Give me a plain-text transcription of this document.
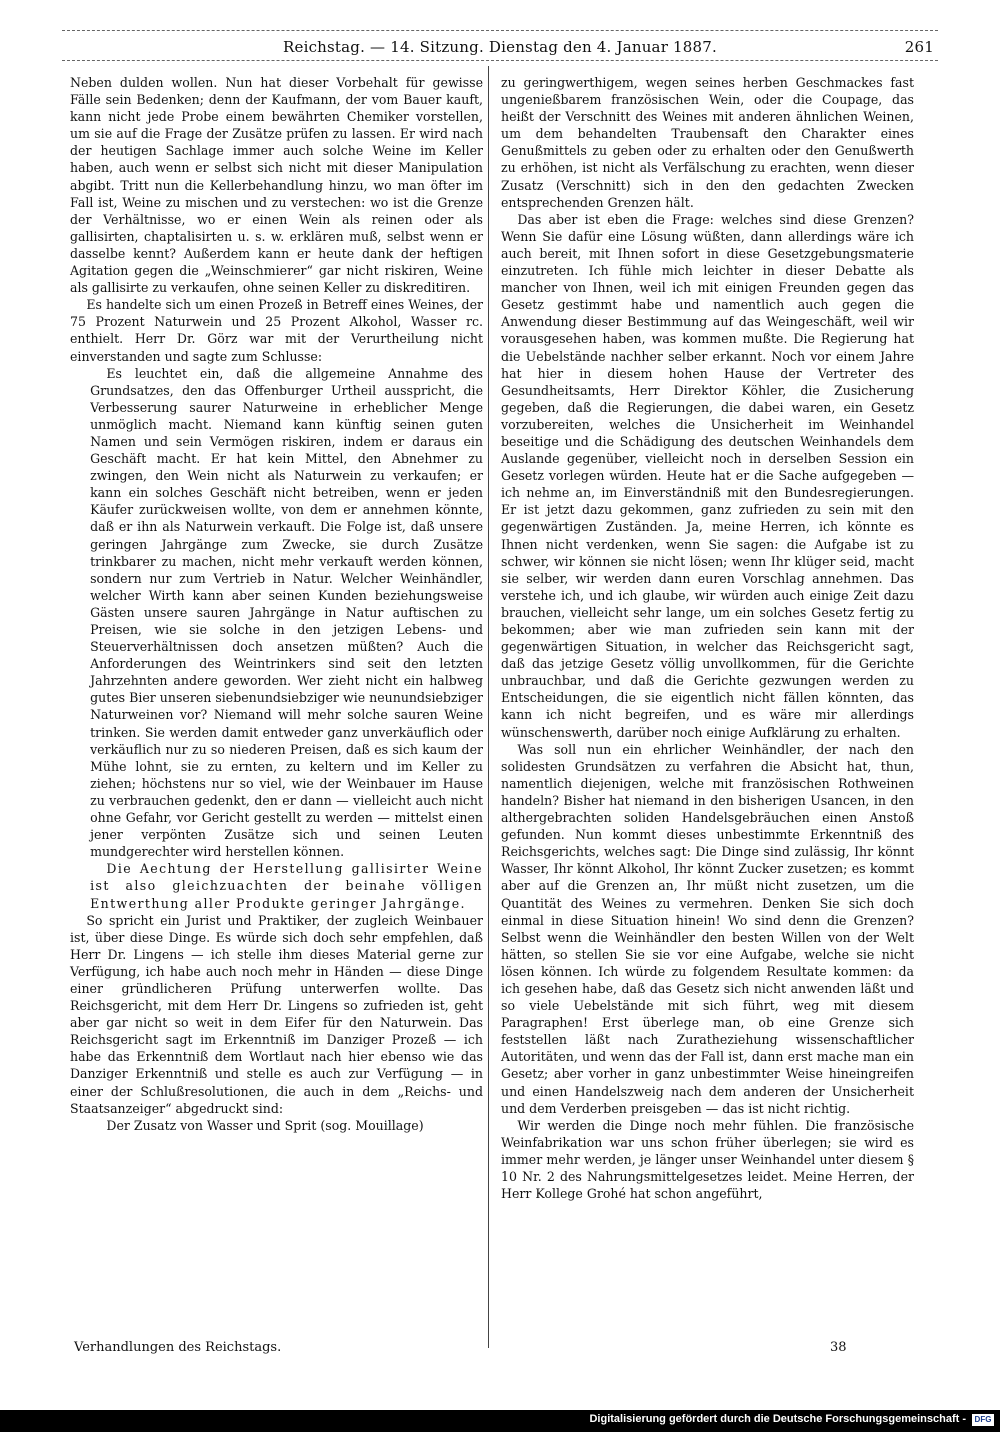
Reichstag. — 14. Sitzung. Dienstag den 4. Januar 1887.	261

Neben dulden wollen. Nun hat dieser Vorbehalt für gewisse Fälle sein Bedenken; denn der Kaufmann, der vom Bauer kauft, kann nicht jede Probe einem bewährten Chemiker vorstellen, um sie auf die Frage der Zusätze prüfen zu lassen. Er wird nach der heutigen Sachlage immer auch solche Weine im Keller haben, auch wenn er selbst sich nicht mit dieser Manipulation abgibt. Tritt nun die Kellerbehandlung hinzu, wo man öfter im Fall ist, Weine zu mischen und zu verstechen: wo ist die Grenze der Verhältnisse, wo er einen Wein als reinen oder als gallisirten, chaptalisirten u. s. w. erklären muß, selbst wenn er dasselbe kennt? Außerdem kann er heute dank der heftigen Agitation gegen die „Weinschmierer“ gar nicht riskiren, Weine als gallisirte zu verkaufen, ohne seinen Keller zu diskreditiren.

Es handelte sich um einen Prozeß in Betreff eines Weines, der 75 Prozent Naturwein und 25 Prozent Alkohol, Wasser rc. enthielt. Herr Dr. Görz war mit der Verurtheilung nicht einverstanden und sagte zum Schlusse:

Es leuchtet ein, daß die allgemeine Annahme des Grundsatzes, den das Offenburger Urtheil ausspricht, die Verbesserung saurer Naturweine in erheblicher Menge unmöglich macht. Niemand kann künftig seinen guten Namen und sein Vermögen riskiren, indem er daraus ein Geschäft macht. Er hat kein Mittel, den Abnehmer zu zwingen, den Wein nicht als Naturwein zu verkaufen; er kann ein solches Geschäft nicht betreiben, wenn er jeden Käufer zurückweisen wollte, von dem er annehmen könnte, daß er ihn als Naturwein verkauft. Die Folge ist, daß unsere geringen Jahrgänge zum Zwecke, sie durch Zusätze trinkbarer zu machen, nicht mehr verkauft werden können, sondern nur zum Vertrieb in Natur. Welcher Weinhändler, welcher Wirth kann aber seinen Kunden beziehungsweise Gästen unsere sauren Jahrgänge in Natur auftischen zu Preisen, wie sie solche in den jetzigen Lebens- und Steuerverhältnissen doch ansetzen müßten? Auch die Anforderungen des Weintrinkers sind seit den letzten Jahrzehnten andere geworden. Wer zieht nicht ein halbweg gutes Bier unseren siebenundsiebziger wie neunundsiebziger Naturweinen vor? Niemand will mehr solche sauren Weine trinken. Sie werden damit entweder ganz unverkäuflich oder verkäuflich nur zu so niederen Preisen, daß es sich kaum der Mühe lohnt, sie zu ernten, zu keltern und im Keller zu ziehen; höchstens nur so viel, wie der Weinbauer im Hause zu verbrauchen gedenkt, den er dann — vielleicht auch nicht ohne Gefahr, vor Gericht gestellt zu werden — mittelst einen jener verpönten Zusätze sich und seinen Leuten mundgerechter wird herstellen können.

Die Aechtung der Herstellung gallisirter Weine ist also gleichzuachten der beinahe völligen Entwerthung aller Produkte geringer Jahrgänge.

So spricht ein Jurist und Praktiker, der zugleich Weinbauer ist, über diese Dinge. Es würde sich doch sehr empfehlen, daß Herr Dr. Lingens — ich stelle ihm dieses Material gerne zur Verfügung, ich habe auch noch mehr in Händen — diese Dinge einer gründlicheren Prüfung unterwerfen wollte. Das Reichsgericht, mit dem Herr Dr. Lingens so zufrieden ist, geht aber gar nicht so weit in dem Eifer für den Naturwein. Das Reichsgericht sagt im Erkenntniß im Danziger Prozeß — ich habe das Erkenntniß dem Wortlaut nach hier ebenso wie das Danziger Erkenntniß und stelle es auch zur Verfügung — in einer der Schlußresolutionen, die auch in dem „Reichs- und Staatsanzeiger“ abgedruckt sind:

Der Zusatz von Wasser und Sprit (sog. Mouillage)

zu geringwerthigem, wegen seines herben Geschmackes fast ungenießbarem französischen Wein, oder die Coupage, das heißt der Verschnitt des Weines mit anderen ähnlichen Weinen, um dem behandelten Traubensaft den Charakter eines Genußmittels zu geben oder zu erhalten oder den Genußwerth zu erhöhen, ist nicht als Verfälschung zu erachten, wenn dieser Zusatz (Verschnitt) sich in den den gedachten Zwecken entsprechenden Grenzen hält.

Das aber ist eben die Frage: welches sind diese Grenzen? Wenn Sie dafür eine Lösung wüßten, dann allerdings wäre ich auch bereit, mit Ihnen sofort in diese Gesetzgebungsmaterie einzutreten. Ich fühle mich leichter in dieser Debatte als mancher von Ihnen, weil ich mit einigen Freunden gegen das Gesetz gestimmt habe und namentlich auch gegen die Anwendung dieser Bestimmung auf das Weingeschäft, weil wir vorausgesehen haben, was kommen mußte. Die Regierung hat die Uebelstände nachher selber erkannt. Noch vor einem Jahre hat hier in diesem hohen Hause der Vertreter des Gesundheitsamts, Herr Direktor Köhler, die Zusicherung gegeben, daß die Regierungen, die dabei waren, ein Gesetz vorzubereiten, welches die Unsicherheit im Weinhandel beseitige und die Schädigung des deutschen Weinhandels dem Auslande gegenüber, vielleicht noch in derselben Session ein Gesetz vorlegen würden. Heute hat er die Sache aufgegeben — ich nehme an, im Einverständniß mit den Bundesregierungen. Er ist jetzt dazu gekommen, ganz zufrieden zu sein mit den gegenwärtigen Zuständen. Ja, meine Herren, ich könnte es Ihnen nicht verdenken, wenn Sie sagen: die Aufgabe ist zu schwer, wir können sie nicht lösen; wenn Ihr klüger seid, macht sie selber, wir werden dann euren Vorschlag annehmen. Das verstehe ich, und ich glaube, wir würden auch einige Zeit dazu brauchen, vielleicht sehr lange, um ein solches Gesetz fertig zu bekommen; aber wie man zufrieden sein kann mit der gegenwärtigen Situation, in welcher das Reichsgericht sagt, daß das jetzige Gesetz völlig unvollkommen, für die Gerichte unbrauchbar, und daß die Gerichte gezwungen werden zu Entscheidungen, die sie eigentlich nicht fällen könnten, das kann ich nicht begreifen, und es wäre mir allerdings wünschenswerth, darüber noch einige Aufklärung zu erhalten.

Was soll nun ein ehrlicher Weinhändler, der nach den solidesten Grundsätzen zu verfahren die Absicht hat, thun, namentlich diejenigen, welche mit französischen Rothweinen handeln? Bisher hat niemand in den bisherigen Usancen, in den althergebrachten soliden Handelsgebräuchen einen Anstoß gefunden. Nun kommt dieses unbestimmte Erkenntniß des Reichsgerichts, welches sagt: Die Dinge sind zulässig, Ihr könnt Wasser, Ihr könnt Alkohol, Ihr könnt Zucker zusetzen; es kommt aber auf die Grenzen an, Ihr müßt nicht zusetzen, um die Quantität des Weines zu vermehren. Denken Sie sich doch einmal in diese Situation hinein! Wo sind denn die Grenzen? Selbst wenn die Weinhändler den besten Willen von der Welt hätten, so stellen Sie sie vor eine Aufgabe, welche sie nicht lösen können. Ich würde zu folgendem Resultate kommen: da ich gesehen habe, daß das Gesetz sich nicht anwenden läßt und so viele Uebelstände mit sich führt, weg mit diesem Paragraphen! Erst überlege man, ob eine Grenze sich feststellen läßt nach Zuratheziehung wissenschaftlicher Autoritäten, und wenn das der Fall ist, dann erst mache man ein Gesetz; aber vorher in ganz unbestimmter Weise hineingreifen und einen Handelszweig nach dem anderen der Unsicherheit und dem Verderben preisgeben — das ist nicht richtig.

Wir werden die Dinge noch mehr fühlen. Die französische Weinfabrikation war uns schon früher überlegen; sie wird es immer mehr werden, je länger unser Weinhandel unter diesem § 10 Nr. 2 des Nahrungsmittelgesetzes leidet. Meine Herren, der Herr Kollege Grohé hat schon angeführt,

Verhandlungen des Reichstags.	38
Digitalisierung gefördert durch die Deutsche Forschungsgemeinschaft -	DFG
